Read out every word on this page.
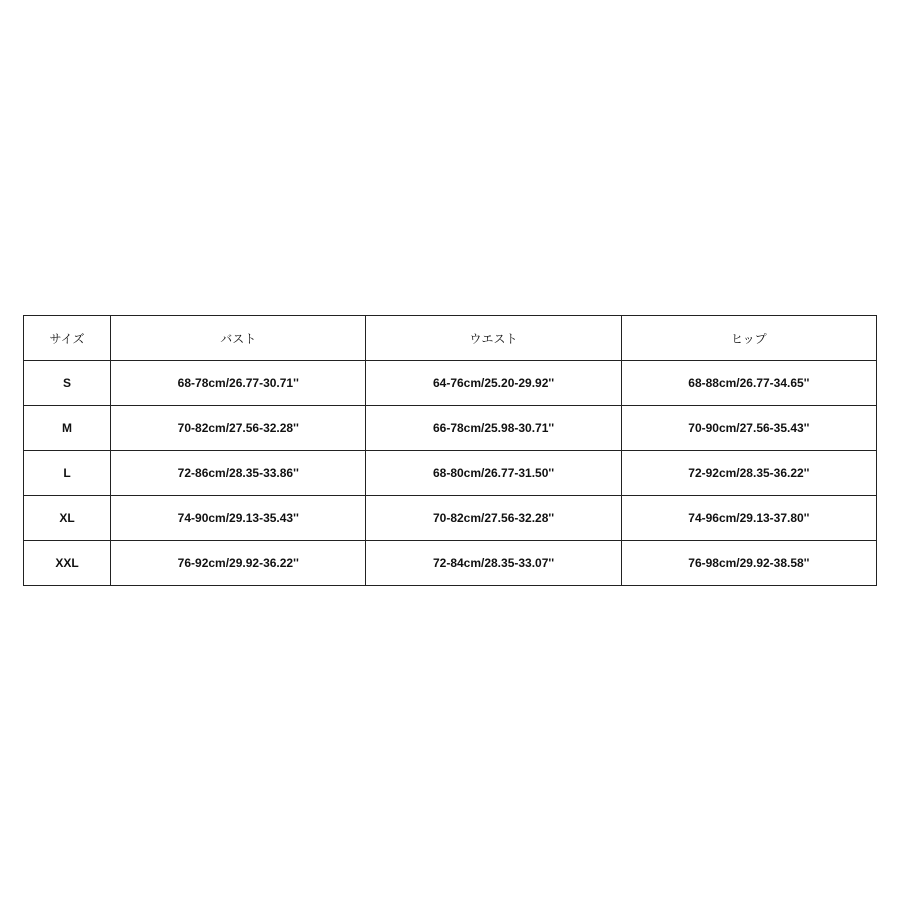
サイズ	バスト	ウエスト	ヒップ
S	68-78cm/26.77-30.71''	64-76cm/25.20-29.92''	68-88cm/26.77-34.65''
M	70-82cm/27.56-32.28''	66-78cm/25.98-30.71''	70-90cm/27.56-35.43''
L	72-86cm/28.35-33.86''	68-80cm/26.77-31.50''	72-92cm/28.35-36.22''
XL	74-90cm/29.13-35.43''	70-82cm/27.56-32.28''	74-96cm/29.13-37.80''
XXL	76-92cm/29.92-36.22''	72-84cm/28.35-33.07''	76-98cm/29.92-38.58''
